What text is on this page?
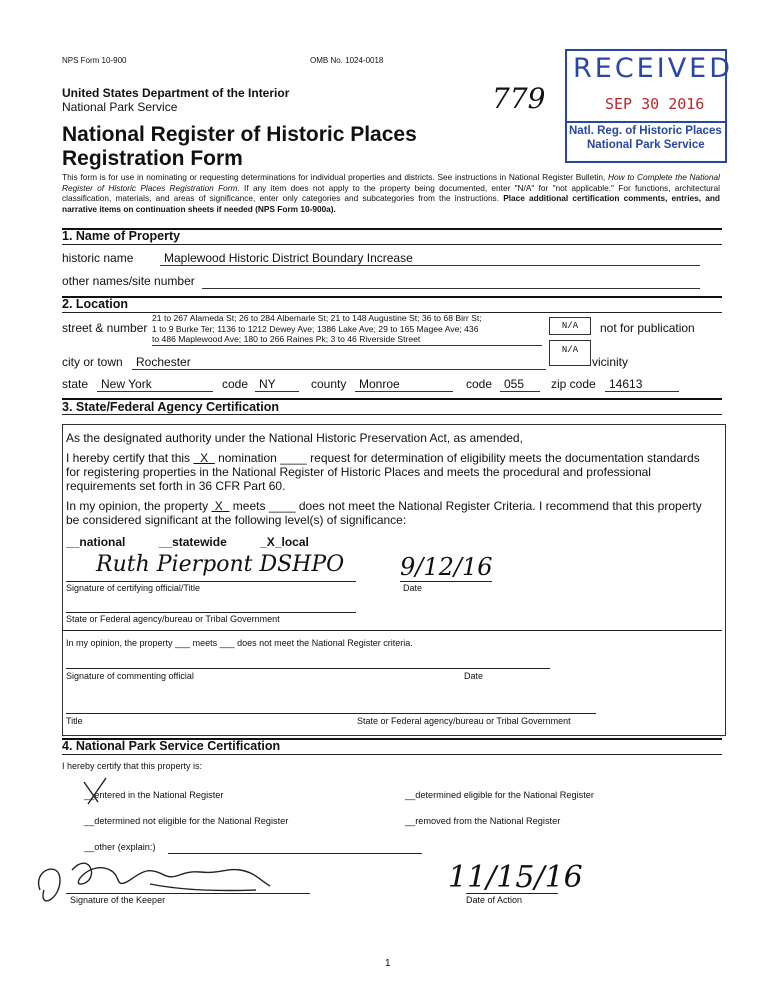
NPS Form 10-900	OMB No. 1024-0018
United States Department of the Interior
National Park Service	779
National Register of Historic Places
Registration Form
This form is for use in nominating or requesting determinations for individual properties and districts. See instructions in National Register Bulletin, How to Complete the National Register of Historic Places Registration Form. If any item does not apply to the property being documented, enter "N/A" for "not applicable." For functions, architectural classification, materials, and areas of significance, enter only categories and subcategories from the instructions. Place additional certification comments, entries, and narrative items on continuation sheets if needed (NPS Form 10-900a).
RECEIVED
SEP 30 2016
Natl. Reg. of Historic Places
National Park Service
1. Name of Property
historic name	Maplewood Historic District Boundary Increase
other names/site number
2. Location
street & number
21 to 267 Alameda St; 26 to 284 Albemarle St; 21 to 148 Augustine St; 36 to 68 Birr St;
1 to 9 Burke Ter; 1136 to 1212 Dewey Ave; 1386 Lake Ave; 29 to 165 Magee Ave; 436
to 486 Maplewood Ave; 180 to 266 Raines Pk; 3 to 46 Riverside Street
N/A	not for publication
city or town	Rochester
N/A
vicinity
state	New York	code NY	county	Monroe	code 055	zip code	14613
3. State/Federal Agency Certification
As the designated authority under the National Historic Preservation Act, as amended,
I hereby certify that this   X   nomination ____ request for determination of eligibility meets the documentation standards
for registering properties in the National Register of Historic Places and meets the procedural and professional
requirements set forth in 36 CFR Part 60.
In my opinion, the property  X   meets ____ does not meet the National Register Criteria. I recommend that this property
be considered significant at the following level(s) of significance:
__national	__statewide	_X_local
Ruth Pierpont DSHPO 9/12/16
Signature of certifying official/Title	Date
State or Federal agency/bureau or Tribal Government
In my opinion, the property ___ meets ___ does not meet the National Register criteria.
Signature of commenting official	Date
Title	State or Federal agency/bureau or Tribal Government
4. National Park Service Certification
I hereby certify that this property is:
__entered in the National Register	__determined eligible for the National Register
__determined not eligible for the National Register	__removed from the National Register
__other (explain:)
11/15/16
Signature of the Keeper	Date of Action
1
